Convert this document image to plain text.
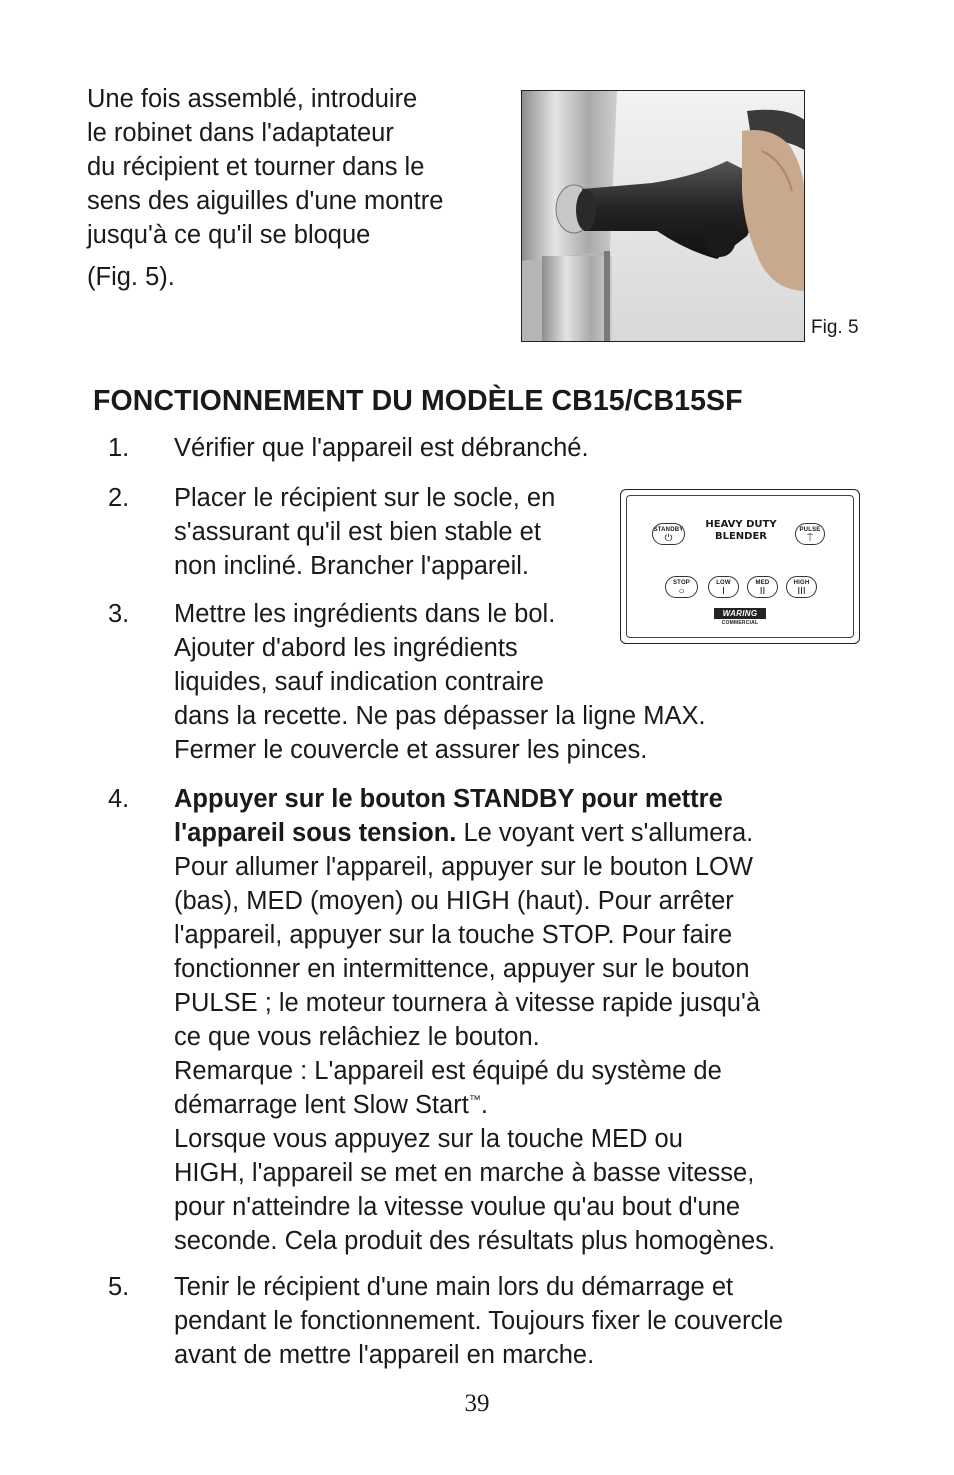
Une fois assemblé, introduire
le robinet dans l'adaptateur
du récipient et tourner dans le
sens des aiguilles d'une montre
jusqu'à ce qu'il se bloque
(Fig. 5).
Fig. 5
FONCTIONNEMENT DU MODÈLE CB15/CB15SF
1. Vérifier que l'appareil est débranché.
2. Placer le récipient sur le socle, en
s'assurant qu'il est bien stable et
non incliné. Brancher l'appareil.
3. Mettre les ingrédients dans le bol.
Ajouter d'abord les ingrédients
liquides, sauf indication contraire
dans la recette. Ne pas dépasser la ligne MAX.
Fermer le couvercle et assurer les pinces.
STANDBY
⏻
HEAVY DUTY
BLENDER
PULSE
⍑
STOP
○
LOW
I
MED
II
HIGH
III
WARING
COMMERCIAL
4. Appuyer sur le bouton STANDBY pour mettre
l'appareil sous tension. Le voyant vert s'allumera.
Pour allumer l'appareil, appuyer sur le bouton LOW
(bas), MED (moyen) ou HIGH (haut). Pour arrêter
l'appareil, appuyer sur la touche STOP. Pour faire
fonctionner en intermittence, appuyer sur le bouton
PULSE ; le moteur tournera à vitesse rapide jusqu'à
ce que vous relâchiez le bouton.
Remarque : L'appareil est équipé du système de
démarrage lent Slow Start™.
Lorsque vous appuyez sur la touche MED ou
HIGH, l'appareil se met en marche à basse vitesse,
pour n'atteindre la vitesse voulue qu'au bout d'une
seconde. Cela produit des résultats plus homogènes.
5. Tenir le récipient d'une main lors du démarrage et
pendant le fonctionnement. Toujours fixer le couvercle
avant de mettre l'appareil en marche.
39
